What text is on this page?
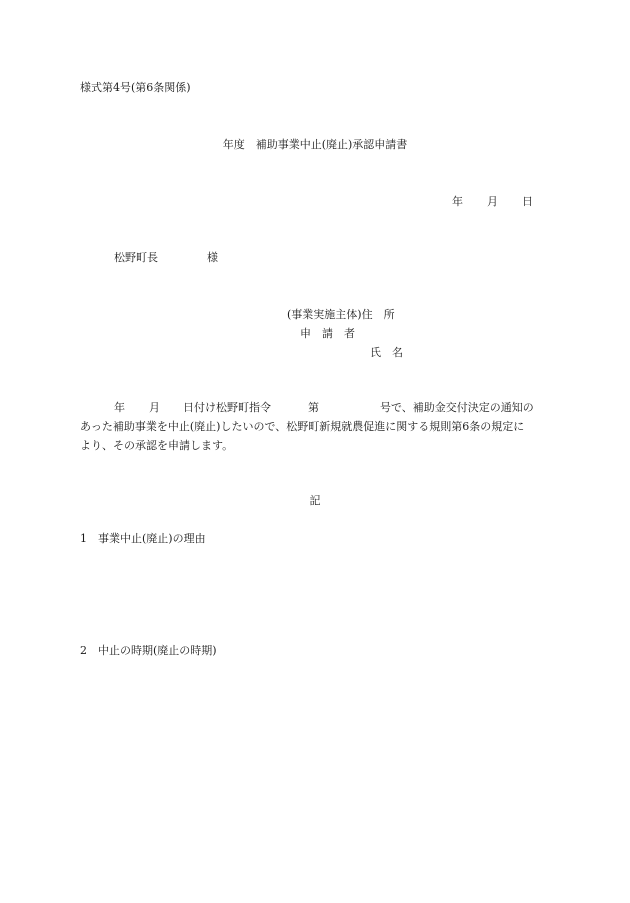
様式第4号(第6条関係)
年度　補助事業中止(廃止)承認申請書
年 月 日
松野町長	様
(事業実施主体)住　所
申　請　者
氏　名
年 月 日付け松野町指令	第	号で、補助金交付決定の通知の
あった補助事業を中止(廃止)したいので、松野町新規就農促進に関する規則第6条の規定に
より、その承認を申請します。
記
1 事業中止(廃止)の理由
2 中止の時期(廃止の時期)
